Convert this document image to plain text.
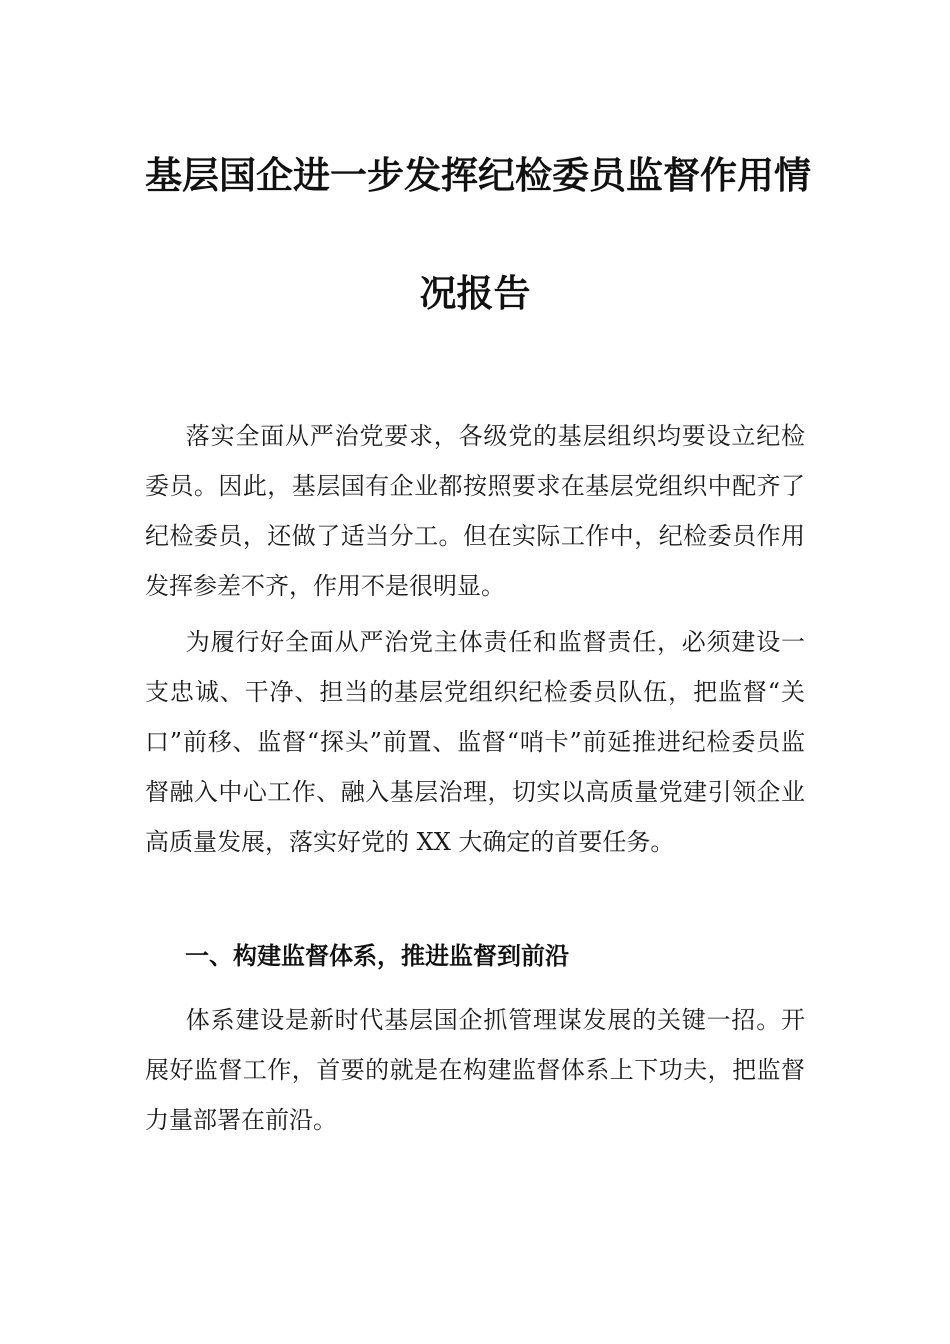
基层国企进一步发挥纪检委员监督作用情
况报告
落实全面从严治党要求，各级党的基层组织均要设立纪检委员。因此，基层国有企业都按照要求在基层党组织中配齐了纪检委员，还做了适当分工。但在实际工作中，纪检委员作用发挥参差不齐，作用不是很明显。
为履行好全面从严治党主体责任和监督责任，必须建设一支忠诚、干净、担当的基层党组织纪检委员队伍，把监督“关口”前移、监督“探头”前置、监督“哨卡”前延推进纪检委员监督融入中心工作、融入基层治理，切实以高质量党建引领企业高质量发展，落实好党的 XX 大确定的首要任务。
一、构建监督体系，推进监督到前沿
体系建设是新时代基层国企抓管理谋发展的关键一招。开展好监督工作，首要的就是在构建监督体系上下功夫，把监督力量部署在前沿。
